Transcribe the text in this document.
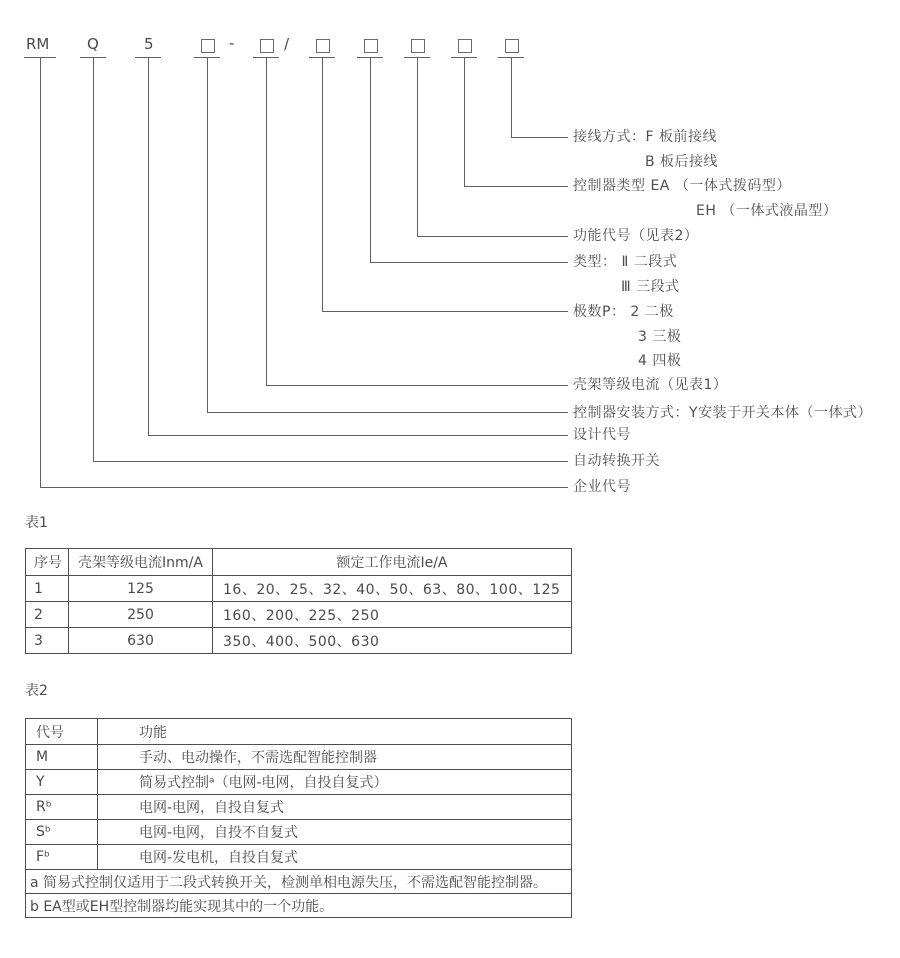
RM	Q	5	-	/
接线方式：F 板前接线
B 板后接线
控制器类型 EA （一体式拨码型）
EH （一体式液晶型）
功能代号（见表2）
类型： Ⅱ 二段式
Ⅲ 三段式
极数P： 2 二极
3 三极
4 四极
壳架等级电流（见表1）
控制器安装方式：Y安装于开关本体（一体式）
设计代号
自动转换开关
企业代号
表1
序号	壳架等级电流Inm/A	额定工作电流Ie/A
1	125	16、20、25、32、40、50、63、80、100、125
2	250	160、200、225、250
3	630	350、400、500、630
表2
代号	功能
M	手动、电动操作，不需选配智能控制器
Y	简易式控制ᵃ（电网-电网，自投自复式）
Rᵇ	电网-电网，自投自复式
Sᵇ	电网-电网，自投不自复式
Fᵇ	电网-发电机，自投自复式
a 简易式控制仅适用于二段式转换开关，检测单相电源失压，不需选配智能控制器。	
b EA型或EH型控制器均能实现其中的一个功能。	
